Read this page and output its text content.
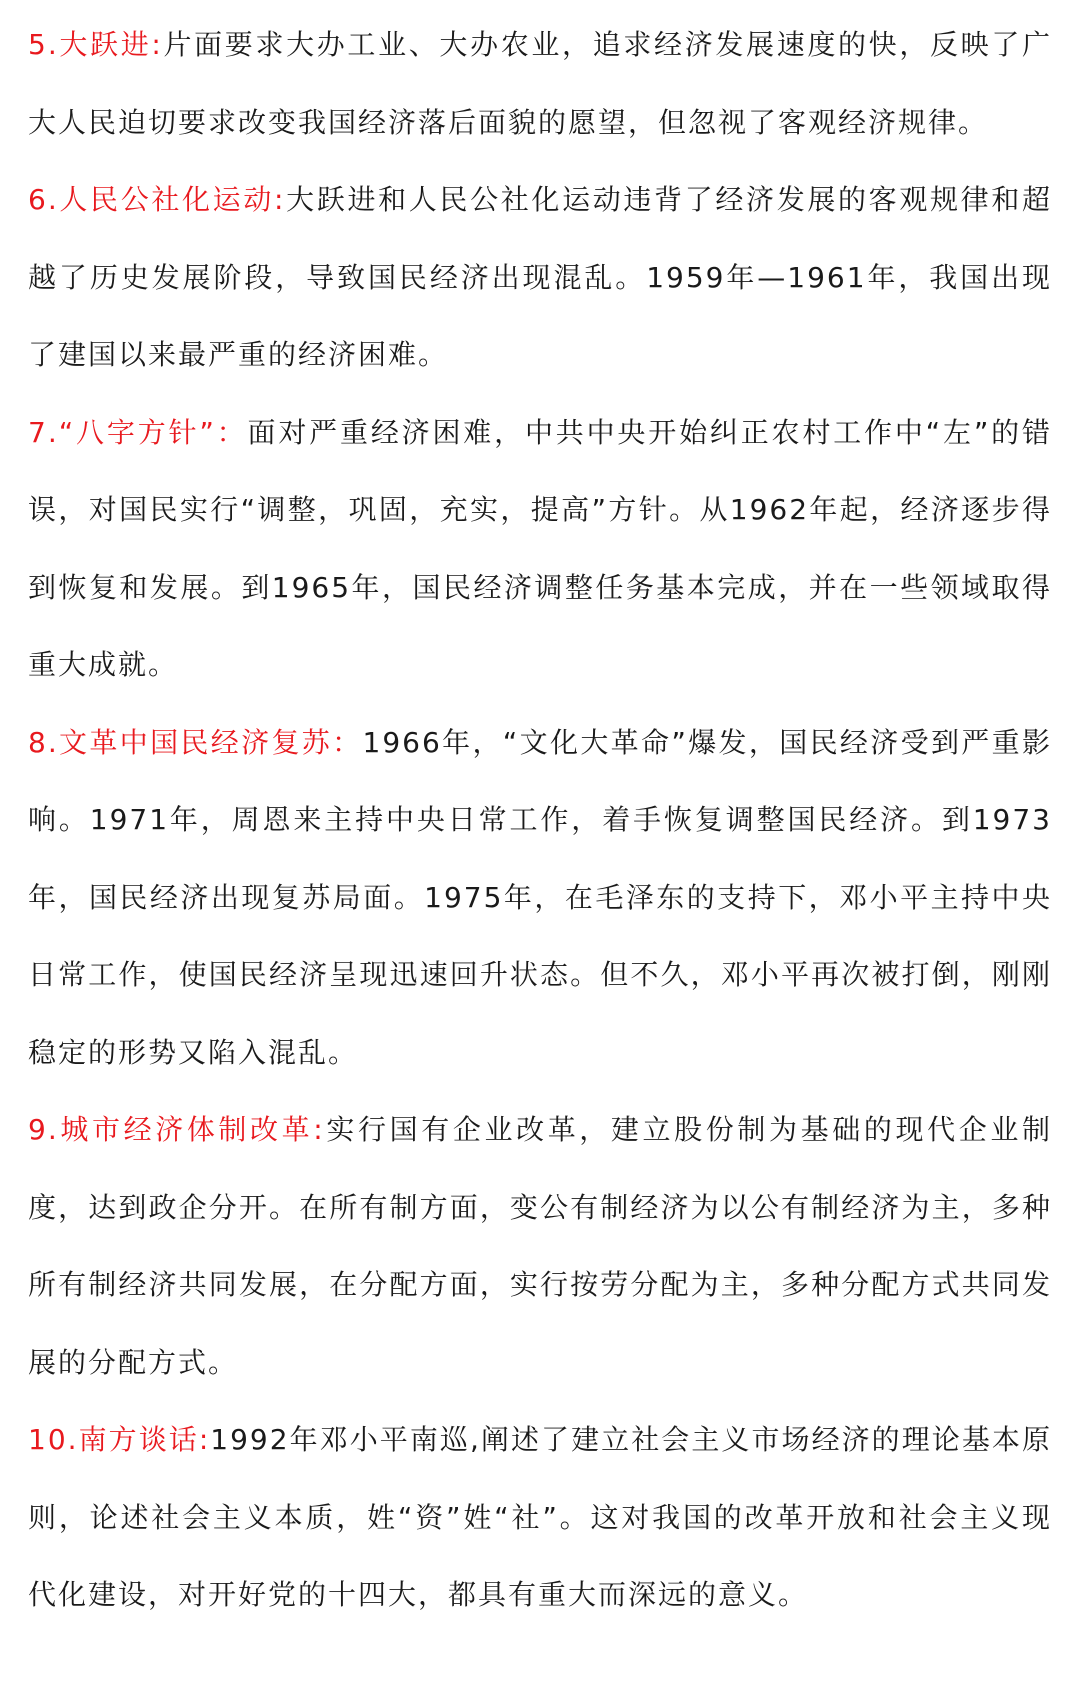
5.大跃进:片面要求大办工业、大办农业，追求经济发展速度的快，反映了广大人民迫切要求改变我国经济落后面貌的愿望，但忽视了客观经济规律。

6.人民公社化运动:大跃进和人民公社化运动违背了经济发展的客观规律和超越了历史发展阶段，导致国民经济出现混乱。1959年—1961年，我国出现了建国以来最严重的经济困难。

7.“八字方针”：面对严重经济困难，中共中央开始纠正农村工作中“左”的错误，对国民实行“调整，巩固，充实，提高”方针。从1962年起，经济逐步得到恢复和发展。到1965年，国民经济调整任务基本完成，并在一些领域取得重大成就。

8.文革中国民经济复苏：1966年，“文化大革命”爆发，国民经济受到严重影响。1971年，周恩来主持中央日常工作，着手恢复调整国民经济。到1973年，国民经济出现复苏局面。1975年，在毛泽东的支持下，邓小平主持中央日常工作，使国民经济呈现迅速回升状态。但不久，邓小平再次被打倒，刚刚稳定的形势又陷入混乱。

9.城市经济体制改革:实行国有企业改革，建立股份制为基础的现代企业制度，达到政企分开。在所有制方面，变公有制经济为以公有制经济为主，多种所有制经济共同发展，在分配方面，实行按劳分配为主，多种分配方式共同发展的分配方式。

10.南方谈话:1992年邓小平南巡,阐述了建立社会主义市场经济的理论基本原则，论述社会主义本质，姓“资”姓“社”。这对我国的改革开放和社会主义现代化建设，对开好党的十四大，都具有重大而深远的意义。
